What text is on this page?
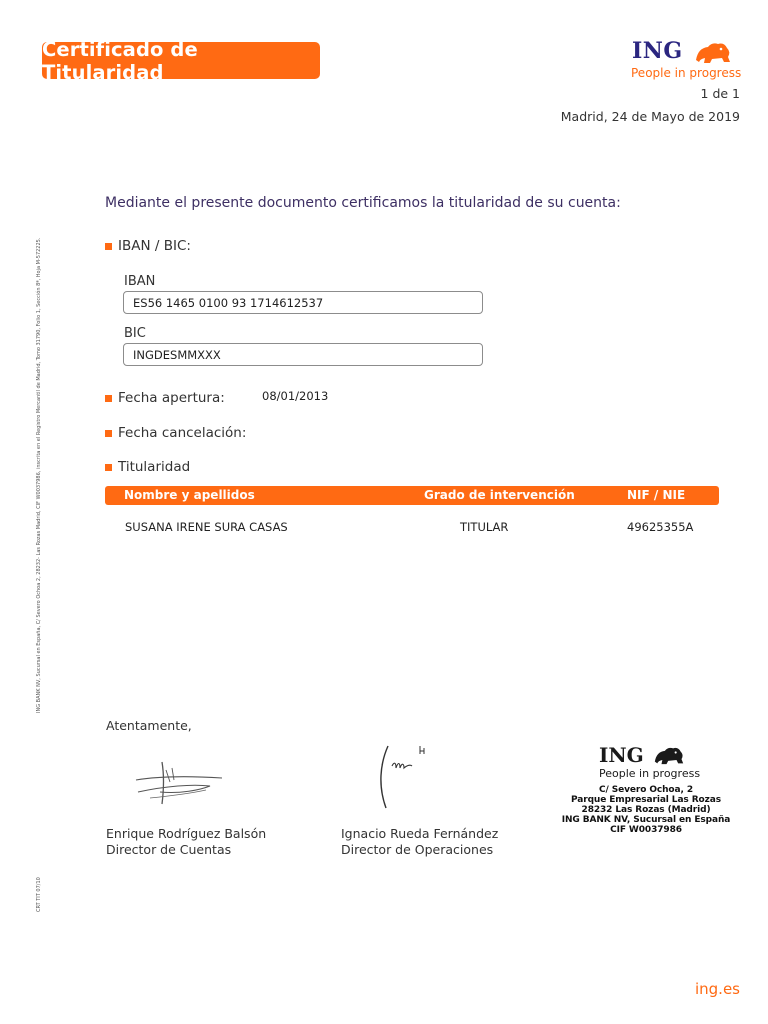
Certificado de Titularidad
ING
People in progress
1 de 1
Madrid, 24 de Mayo de 2019
ING BANK NV, Sucursal en España, C/ Severo Ochoa 2, 28232- Las Rozas Madrid, CIF W0037986, inscrita en el Registro Mercantil de Madrid, Tomo 31790, Folio 1, Sección 8ª, Hoja M-572225.
CRT TIT 07/10
Mediante el presente documento certificamos la titularidad de su cuenta:
IBAN / BIC:
IBAN
ES56 1465 0100 93 1714612537
BIC
INGDESMMXXX
Fecha apertura:	08/01/2013
Fecha cancelación:
Titularidad
Nombre y apellidos	Grado de intervención	NIF / NIE
SUSANA IRENE SURA CASAS	TITULAR	49625355A
Atentamente,
Enrique Rodríguez Balsón
Director de Cuentas
Ignacio Rueda Fernández
Director de Operaciones
ING
People in progress
C/ Severo Ochoa, 2
Parque Empresarial Las Rozas
28232 Las Rozas (Madrid)
ING BANK NV, Sucursal en España
CIF W0037986
ing.es
